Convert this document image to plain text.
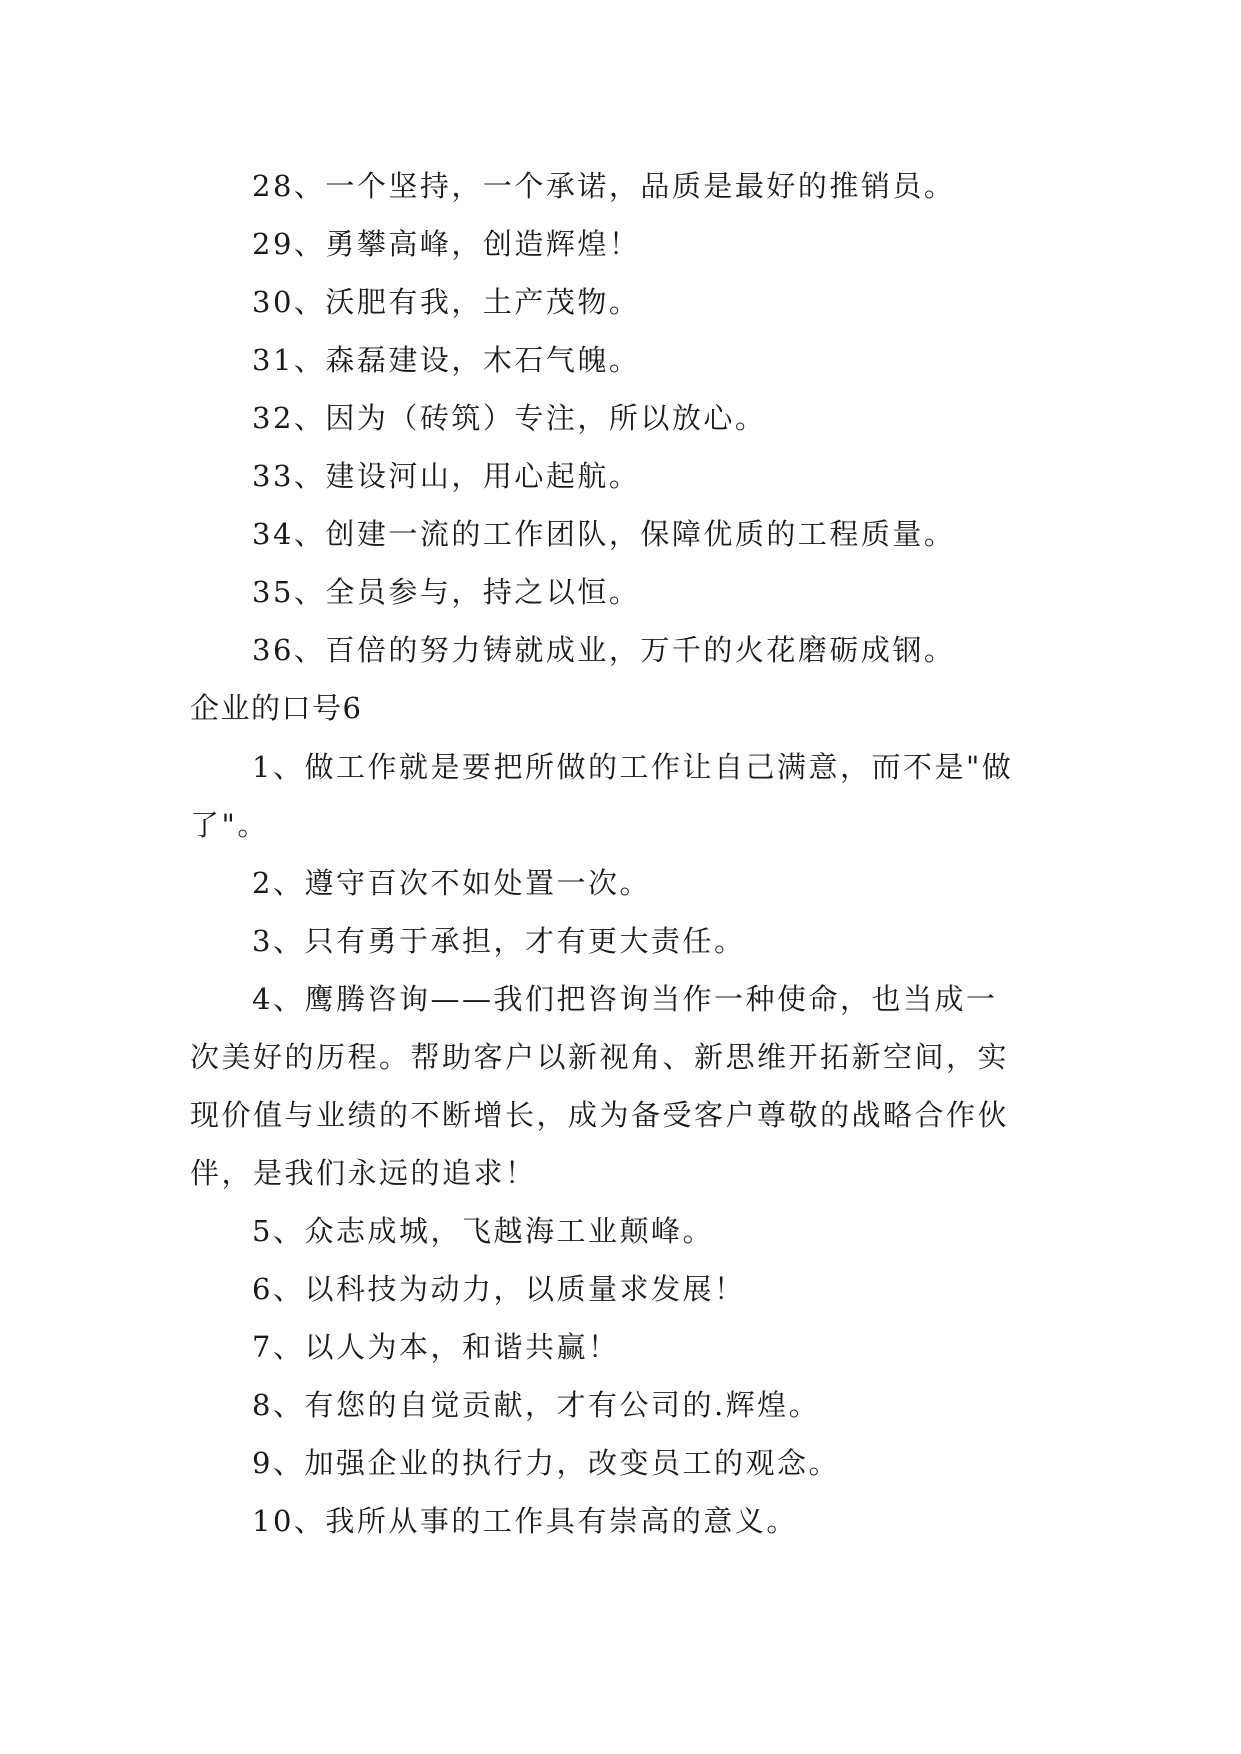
28、一个坚持，一个承诺，品质是最好的推销员。
29、勇攀高峰，创造辉煌！
30、沃肥有我，土产茂物。
31、森磊建设，木石气魄。
32、因为（砖筑）专注，所以放心。
33、建设河山，用心起航。
34、创建一流的工作团队，保障优质的工程质量。
35、全员参与，持之以恒。
36、百倍的努力铸就成业，万千的火花磨砺成钢。
企业的口号6
1、做工作就是要把所做的工作让自己满意，而不是"做
了"。
2、遵守百次不如处置一次。
3、只有勇于承担，才有更大责任。
4、鹰腾咨询——我们把咨询当作一种使命，也当成一
次美好的历程。帮助客户以新视角、新思维开拓新空间，实
现价值与业绩的不断增长，成为备受客户尊敬的战略合作伙
伴，是我们永远的追求！
5、众志成城，飞越海工业颠峰。
6、以科技为动力，以质量求发展！
7、以人为本，和谐共赢！
8、有您的自觉贡献，才有公司的.辉煌。
9、加强企业的执行力，改变员工的观念。
10、我所从事的工作具有崇高的意义。
